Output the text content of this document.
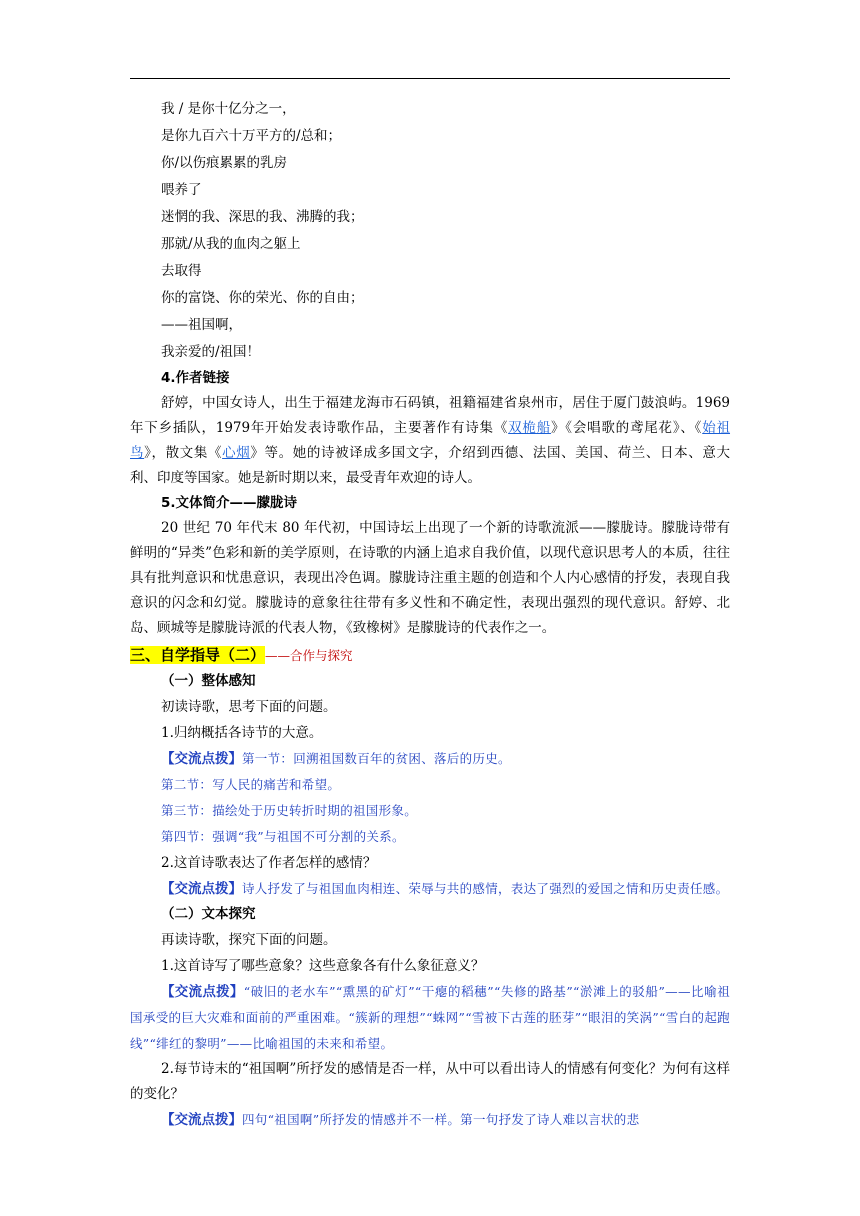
我 / 是你十亿分之一，
是你九百六十万平方的/总和；
你/以伤痕累累的乳房
喂养了
迷惘的我、深思的我、沸腾的我；
那就/从我的血肉之躯上
去取得
你的富饶、你的荣光、你的自由；
——祖国啊，
我亲爱的/祖国！
4.作者链接

舒婷，中国女诗人，出生于福建龙海市石码镇，祖籍福建省泉州市，居住于厦门鼓浪屿。1969年下乡插队，1979年开始发表诗歌作品，主要著作有诗集《双桅船》《会唱歌的鸢尾花》、《始祖鸟》，散文集《心烟》等。她的诗被译成多国文字，介绍到西德、法国、美国、荷兰、日本、意大利、印度等国家。她是新时期以来，最受青年欢迎的诗人。

5.文体简介——朦胧诗

20 世纪 70 年代末 80 年代初，中国诗坛上出现了一个新的诗歌流派——朦胧诗。朦胧诗带有鲜明的“异类”色彩和新的美学原则，在诗歌的内涵上追求自我价值，以现代意识思考人的本质，往往具有批判意识和忧患意识，表现出冷色调。朦胧诗注重主题的创造和个人内心感情的抒发，表现自我意识的闪念和幻觉。朦胧诗的意象往往带有多义性和不确定性，表现出强烈的现代意识。舒婷、北岛、顾城等是朦胧诗派的代表人物，《致橡树》是朦胧诗的代表作之一。

三、自学指导（二）——合作与探究
（一）整体感知
初读诗歌，思考下面的问题。
1.归纳概括各诗节的大意。
【交流点拨】第一节：回溯祖国数百年的贫困、落后的历史。
第二节：写人民的痛苦和希望。
第三节：描绘处于历史转折时期的祖国形象。
第四节：强调“我”与祖国不可分割的关系。
2.这首诗歌表达了作者怎样的感情？
【交流点拨】诗人抒发了与祖国血肉相连、荣辱与共的感情，表达了强烈的爱国之情和历史责任感。
（二）文本探究
再读诗歌，探究下面的问题。
1.这首诗写了哪些意象？这些意象各有什么象征意义？
【交流点拨】“破旧的老水车”“熏黑的矿灯”“干瘪的稻穗”“失修的路基”“淤滩上的驳船”——比喻祖国承受的巨大灾难和面前的严重困难。“簇新的理想”“蛛网”“雪被下古莲的胚芽”“眼泪的笑涡”“雪白的起跑线”“绯红的黎明”——比喻祖国的未来和希望。
2.每节诗末的“祖国啊”所抒发的感情是否一样，从中可以看出诗人的情感有何变化？为何有这样的变化？
【交流点拨】四句“祖国啊”所抒发的情感并不一样。第一句抒发了诗人难以言状的悲
